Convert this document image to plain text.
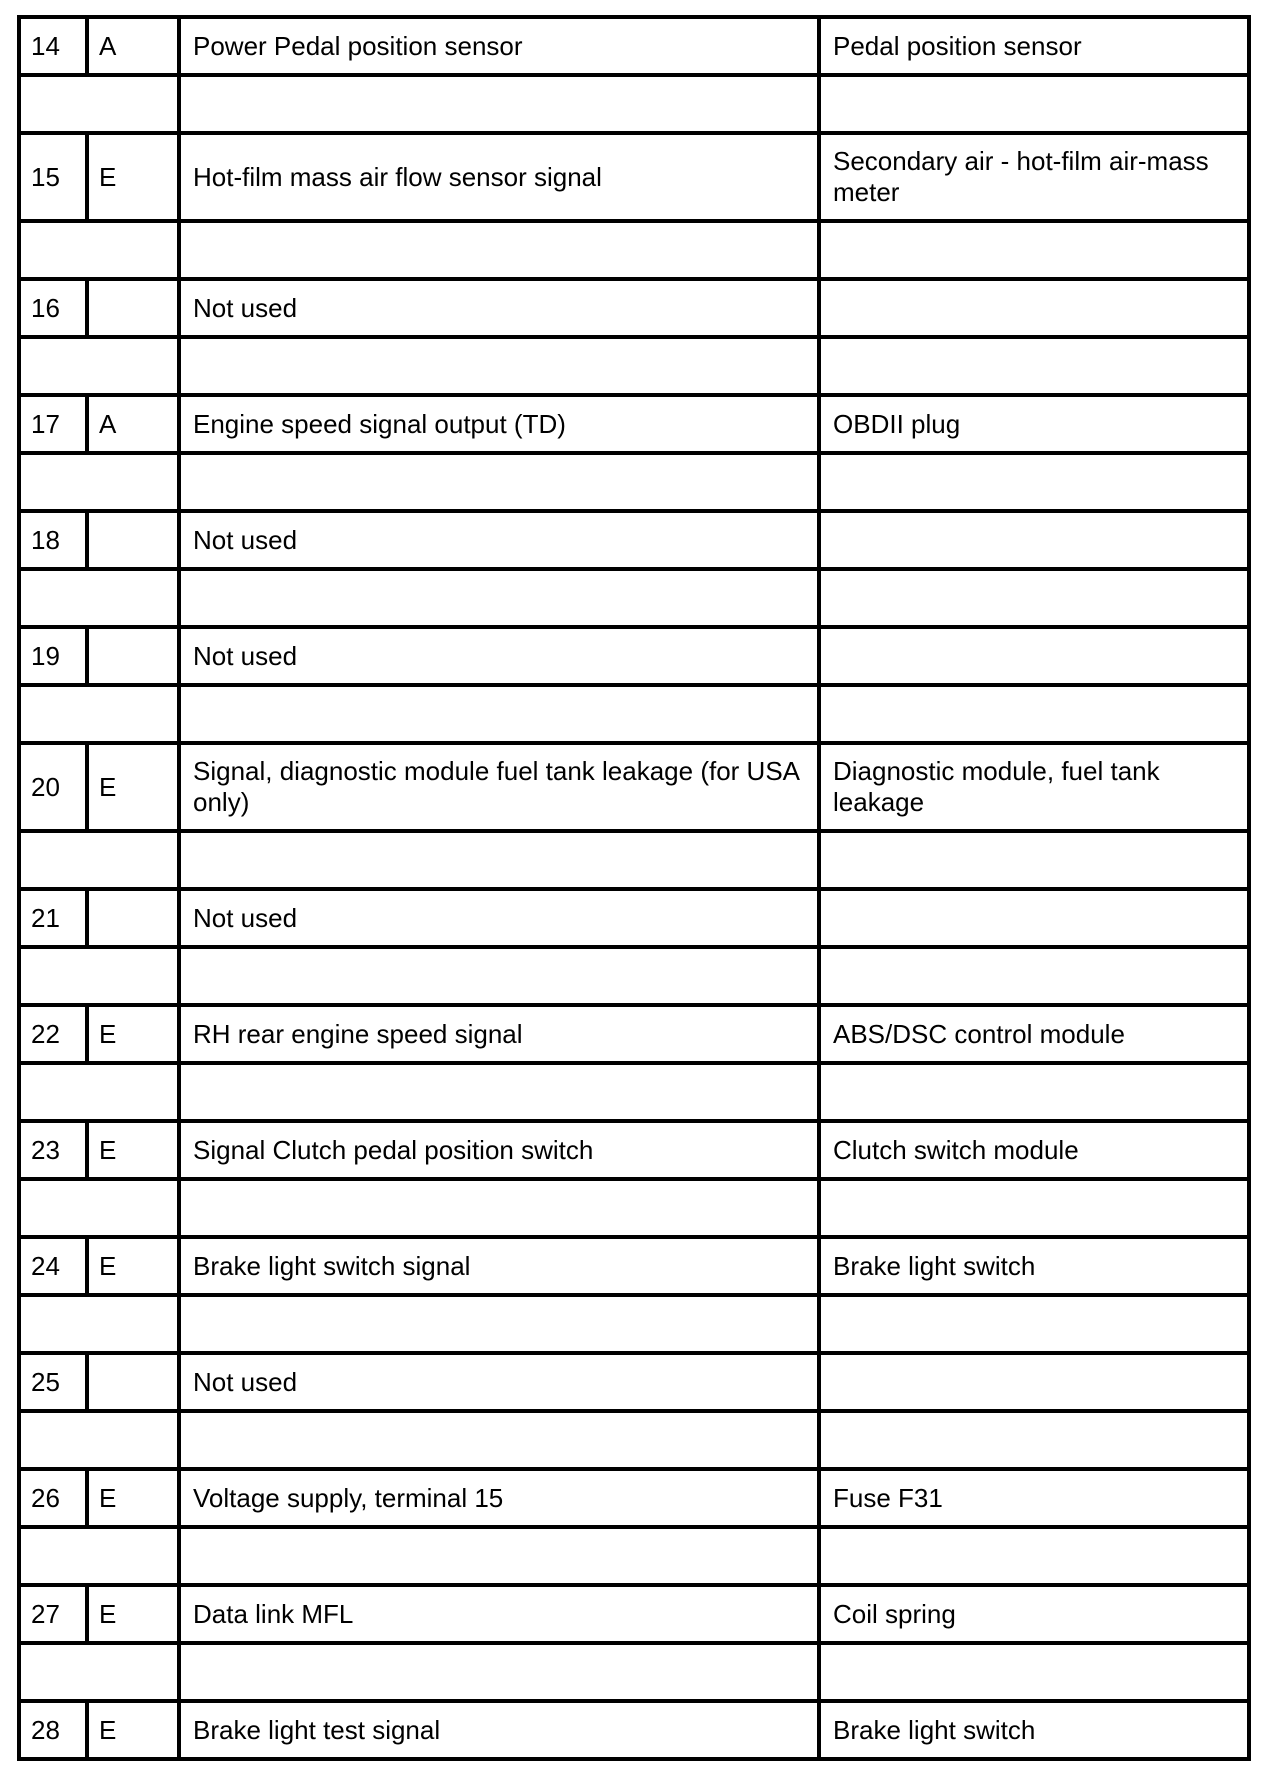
14	A	Power Pedal position sensor	Pedal position sensor

15	E	Hot-film mass air flow sensor signal	Secondary air - hot-film air-mass meter

16		Not used	

17	A	Engine speed signal output (TD)	OBDII plug

18		Not used	

19		Not used	

20	E	Signal, diagnostic module fuel tank leakage (for USA only)	Diagnostic module, fuel tank leakage

21		Not used	

22	E	RH rear engine speed signal	ABS/DSC control module

23	E	Signal Clutch pedal position switch	Clutch switch module

24	E	Brake light switch signal	Brake light switch

25		Not used	

26	E	Voltage supply, terminal 15	Fuse F31

27	E	Data link MFL	Coil spring

28	E	Brake light test signal	Brake light switch
